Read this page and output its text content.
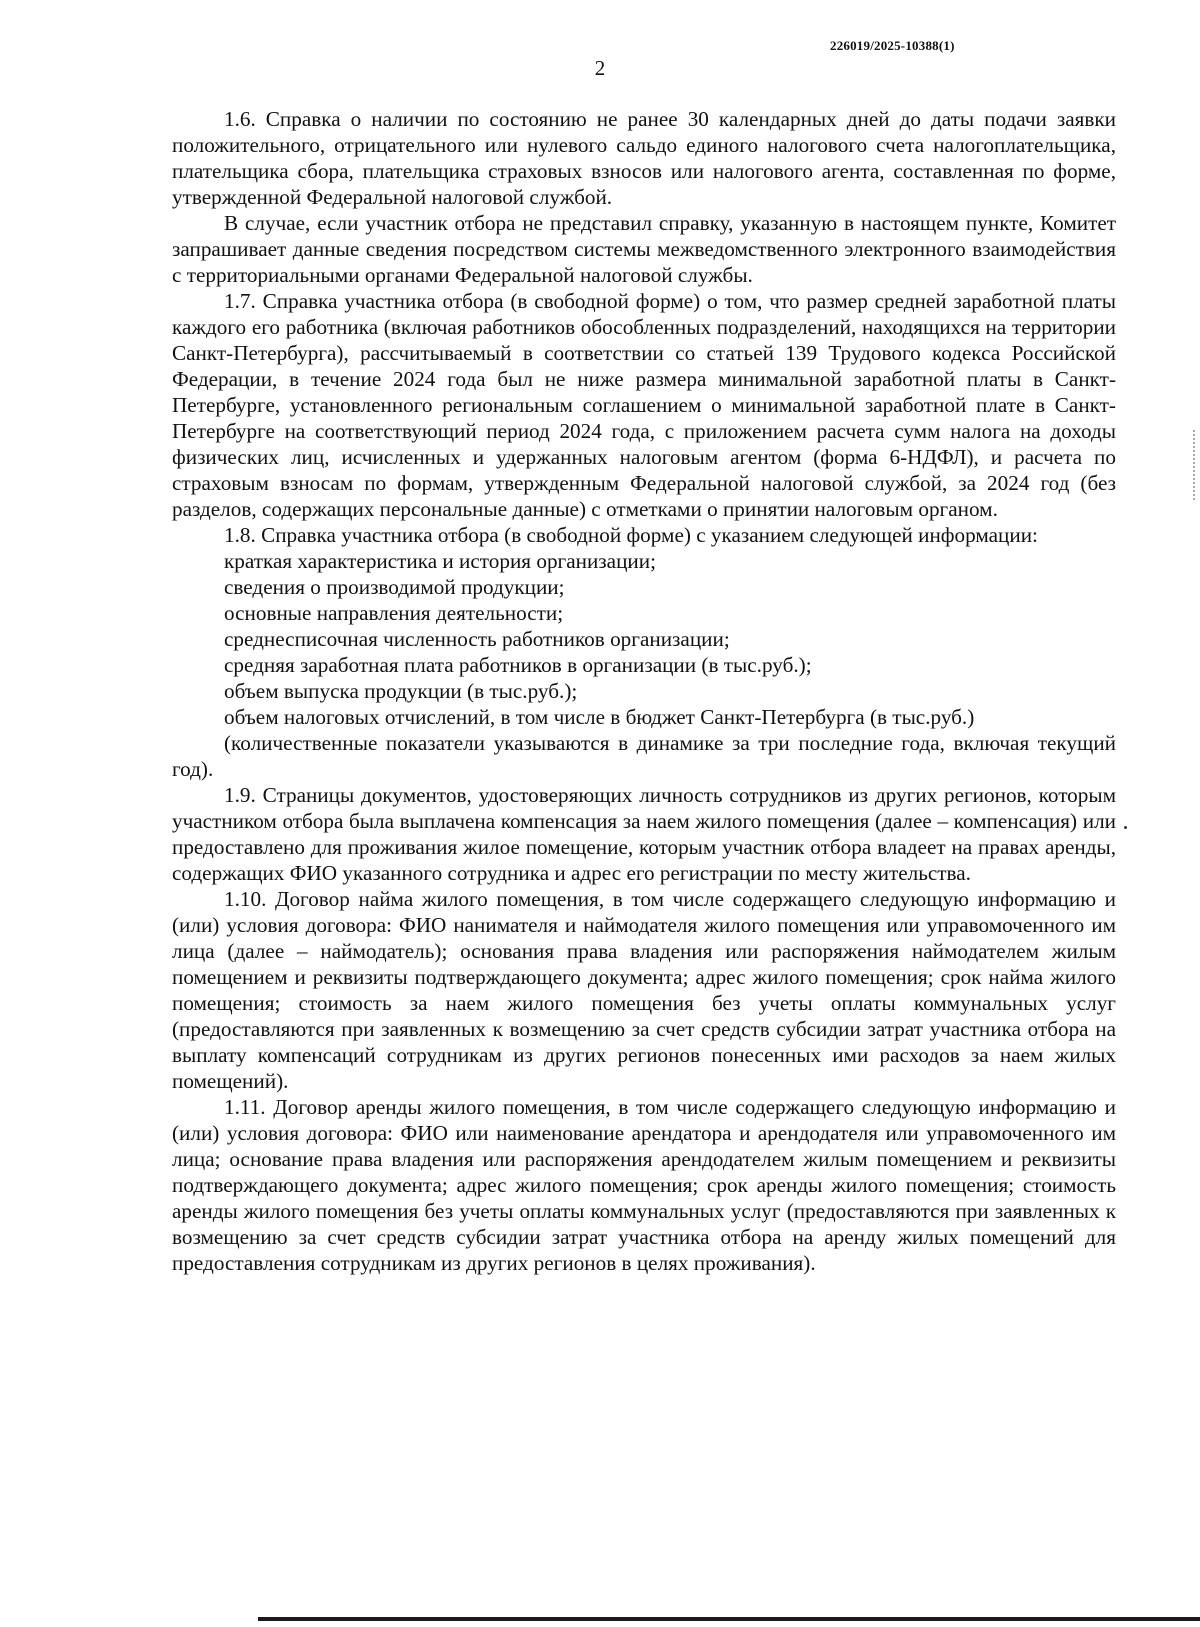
226019/2025-10388(1)
2

1.6. Справка о наличии по состоянию не ранее 30 календарных дней до даты подачи заявки положительного, отрицательного или нулевого сальдо единого налогового счета налогоплательщика, плательщика сбора, плательщика страховых взносов или налогового агента, составленная по форме, утвержденной Федеральной налоговой службой.

В случае, если участник отбора не представил справку, указанную в настоящем пункте, Комитет запрашивает данные сведения посредством системы межведомственного электронного взаимодействия с территориальными органами Федеральной налоговой службы.

1.7. Справка участника отбора (в свободной форме) о том, что размер средней заработной платы каждого его работника (включая работников обособленных подразделений, находящихся на территории Санкт-Петербурга), рассчитываемый в соответствии со статьей 139 Трудового кодекса Российской Федерации, в течение 2024 года был не ниже размера минимальной заработной платы в Санкт-Петербурге, установленного региональным соглашением о минимальной заработной плате в Санкт-Петербурге на соответствующий период 2024 года, с приложением расчета сумм налога на доходы физических лиц, исчисленных и удержанных налоговым агентом (форма 6-НДФЛ), и расчета по страховым взносам по формам, утвержденным Федеральной налоговой службой, за 2024 год (без разделов, содержащих персональные данные) с отметками о принятии налоговым органом.

1.8. Справка участника отбора (в свободной форме) с указанием следующей информации:

краткая характеристика и история организации;

сведения о производимой продукции;

основные направления деятельности;

среднесписочная численность работников организации;

средняя заработная плата работников в организации (в тыс.руб.);

объем выпуска продукции (в тыс.руб.);

объем налоговых отчислений, в том числе в бюджет Санкт-Петербурга (в тыс.руб.)

(количественные показатели указываются в динамике за три последние года, включая текущий год).

1.9. Страницы документов, удостоверяющих личность сотрудников из других регионов, которым участником отбора была выплачена компенсация за наем жилого помещения (далее – компенсация) или предоставлено для проживания жилое помещение, которым участник отбора владеет на правах аренды, содержащих ФИО указанного сотрудника и адрес его регистрации по месту жительства.

1.10. Договор найма жилого помещения, в том числе содержащего следующую информацию и (или) условия договора: ФИО нанимателя и наймодателя жилого помещения или управомоченного им лица (далее – наймодатель); основания права владения или распоряжения наймодателем жилым помещением и реквизиты подтверждающего документа; адрес жилого помещения; срок найма жилого помещения; стоимость за наем жилого помещения без учеты оплаты коммунальных услуг (предоставляются при заявленных к возмещению за счет средств субсидии затрат участника отбора на выплату компенсаций сотрудникам из других регионов понесенных ими расходов за наем жилых помещений).

1.11. Договор аренды жилого помещения, в том числе содержащего следующую информацию и (или) условия договора: ФИО или наименование арендатора и арендодателя или управомоченного им лица; основание права владения или распоряжения арендодателем жилым помещением и реквизиты подтверждающего документа; адрес жилого помещения; срок аренды жилого помещения; стоимость аренды жилого помещения без учеты оплаты коммунальных услуг (предоставляются при заявленных к возмещению за счет средств субсидии затрат участника отбора на аренду жилых помещений для предоставления сотрудникам из других регионов в целях проживания).
